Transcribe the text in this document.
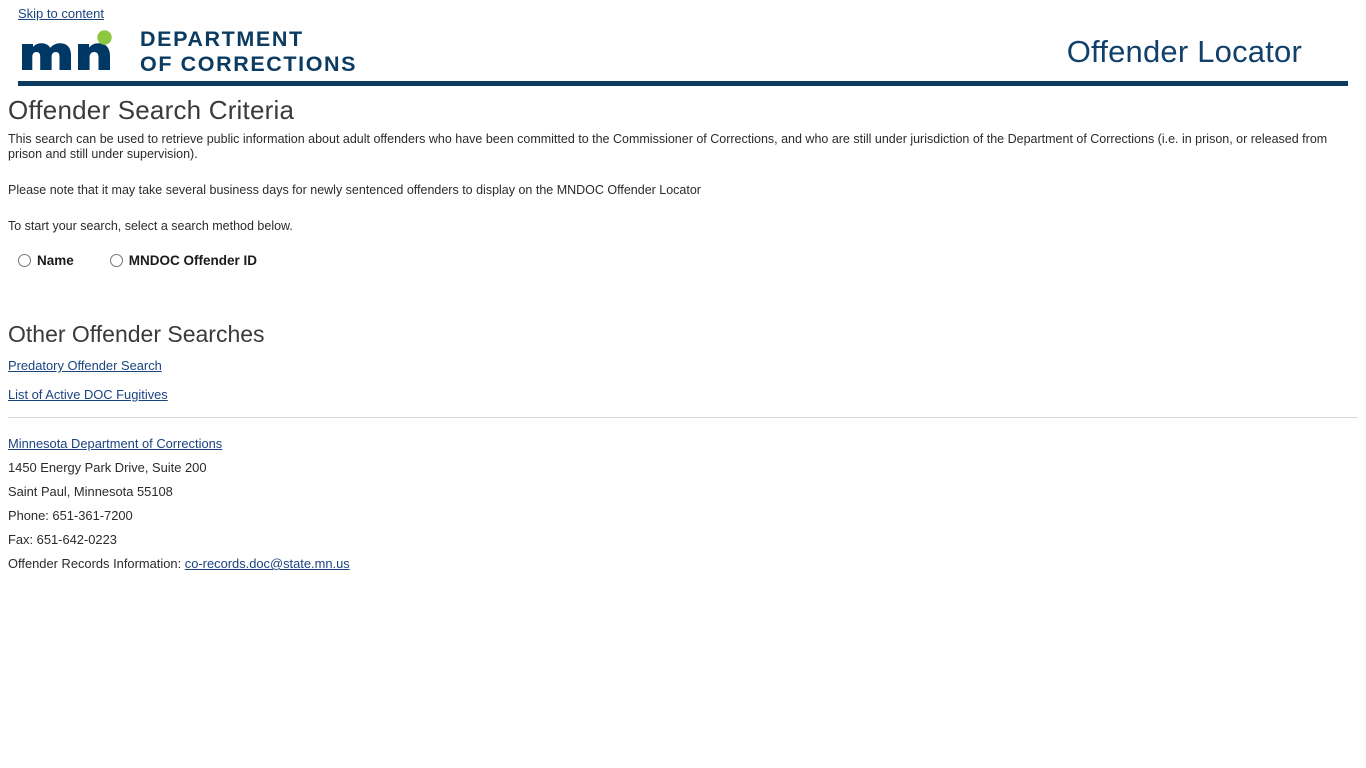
Skip to content
DEPARTMENT
OF CORRECTIONS	Offender Locator
Offender Search Criteria

This search can be used to retrieve public information about adult offenders who have been committed to the Commissioner of Corrections, and who are still under jurisdiction of the Department of Corrections (i.e. in prison, or released from prison and still under supervision).

Please note that it may take several business days for newly sentenced offenders to display on the MNDOC Offender Locator

To start your search, select a search method below.

Name	MNDOC Offender ID
Other Offender Searches
Predatory Offender Search
List of Active DOC Fugitives
Minnesota Department of Corrections
1450 Energy Park Drive, Suite 200
Saint Paul, Minnesota 55108
Phone: 651-361-7200
Fax: 651-642-0223
Offender Records Information: co-records.doc@state.mn.us
